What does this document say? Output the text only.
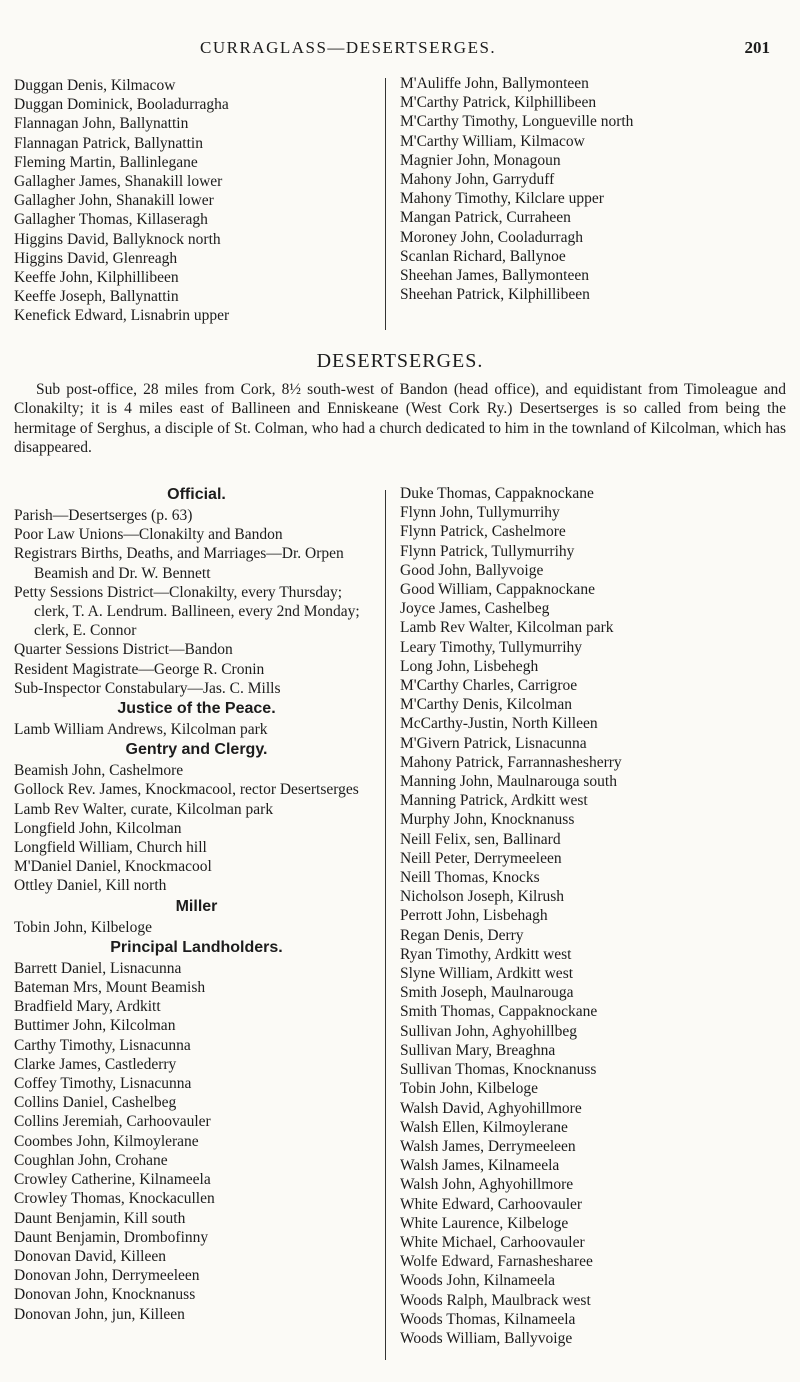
CURRAGLASS—DESERTSERGES.	201
Duggan Denis, Kilmacow
Duggan Dominick, Booladurragha
Flannagan John, Ballynattin
Flannagan Patrick, Ballynattin
Fleming Martin, Ballinlegane
Gallagher James, Shanakill lower
Gallagher John, Shanakill lower
Gallagher Thomas, Killaseragh
Higgins David, Ballyknock north
Higgins David, Glenreagh
Keeffe John, Kilphillibeen
Keeffe Joseph, Ballynattin
Kenefick Edward, Lisnabrin upper
M'Auliffe John, Ballymonteen
M'Carthy Patrick, Kilphillibeen
M'Carthy Timothy, Longueville north
M'Carthy William, Kilmacow
Magnier John, Monagoun
Mahony John, Garryduff
Mahony Timothy, Kilclare upper
Mangan Patrick, Curraheen
Moroney John, Cooladurragh
Scanlan Richard, Ballynoe
Sheehan James, Ballymonteen
Sheehan Patrick, Kilphillibeen
DESERTSERGES.
Sub post-office, 28 miles from Cork, 8½ south-west of Bandon (head office), and equidistant from Timoleague and Clonakilty; it is 4 miles east of Ballineen and Enniskeane (West Cork Ry.) Desertserges is so called from being the hermitage of Serghus, a disciple of St. Colman, who had a church dedicated to him in the townland of Kilcolman, which has disappeared.
Official.
Parish—Desertserges (p. 63)
Poor Law Unions—Clonakilty and Bandon
Registrars Births, Deaths, and Marriages—Dr. Orpen Beamish and Dr. W. Bennett
Petty Sessions District—Clonakilty, every Thursday; clerk, T. A. Lendrum. Ballineen, every 2nd Monday; clerk, E. Connor
Quarter Sessions District—Bandon
Resident Magistrate—George R. Cronin
Sub-Inspector Constabulary—Jas. C. Mills
Justice of the Peace.
Lamb William Andrews, Kilcolman park
Gentry and Clergy.
Beamish John, Cashelmore
Gollock Rev. James, Knockmacool, rector Desertserges
Lamb Rev Walter, curate, Kilcolman park
Longfield John, Kilcolman
Longfield William, Church hill
M'Daniel Daniel, Knockmacool
Ottley Daniel, Kill north
Miller
Tobin John, Kilbeloge
Principal Landholders.
Barrett Daniel, Lisnacunna
Bateman Mrs, Mount Beamish
Bradfield Mary, Ardkitt
Buttimer John, Kilcolman
Carthy Timothy, Lisnacunna
Clarke James, Castlederry
Coffey Timothy, Lisnacunna
Collins Daniel, Cashelbeg
Collins Jeremiah, Carhoovauler
Coombes John, Kilmoylerane
Coughlan John, Crohane
Crowley Catherine, Kilnameela
Crowley Thomas, Knockacullen
Daunt Benjamin, Kill south
Daunt Benjamin, Drombofinny
Donovan David, Killeen
Donovan John, Derrymeeleen
Donovan John, Knocknanuss
Donovan John, jun, Killeen
Duke Thomas, Cappaknockane
Flynn John, Tullymurrihy
Flynn Patrick, Cashelmore
Flynn Patrick, Tullymurrihy
Good John, Ballyvoige
Good William, Cappaknockane
Joyce James, Cashelbeg
Lamb Rev Walter, Kilcolman park
Leary Timothy, Tullymurrihy
Long John, Lisbehegh
M'Carthy Charles, Carrigroe
M'Carthy Denis, Kilcolman
McCarthy-Justin, North Killeen
M'Givern Patrick, Lisnacunna
Mahony Patrick, Farrannashesherry
Manning John, Maulnarouga south
Manning Patrick, Ardkitt west
Murphy John, Knocknanuss
Neill Felix, sen, Ballinard
Neill Peter, Derrymeeleen
Neill Thomas, Knocks
Nicholson Joseph, Kilrush
Perrott John, Lisbehagh
Regan Denis, Derry
Ryan Timothy, Ardkitt west
Slyne William, Ardkitt west
Smith Joseph, Maulnarouga
Smith Thomas, Cappaknockane
Sullivan John, Aghyohillbeg
Sullivan Mary, Breaghna
Sullivan Thomas, Knocknanuss
Tobin John, Kilbeloge
Walsh David, Aghyohillmore
Walsh Ellen, Kilmoylerane
Walsh James, Derrymeeleen
Walsh James, Kilnameela
Walsh John, Aghyohillmore
White Edward, Carhoovauler
White Laurence, Kilbeloge
White Michael, Carhoovauler
Wolfe Edward, Farnashesharee
Woods John, Kilnameela
Woods Ralph, Maulbrack west
Woods Thomas, Kilnameela
Woods William, Ballyvoige
